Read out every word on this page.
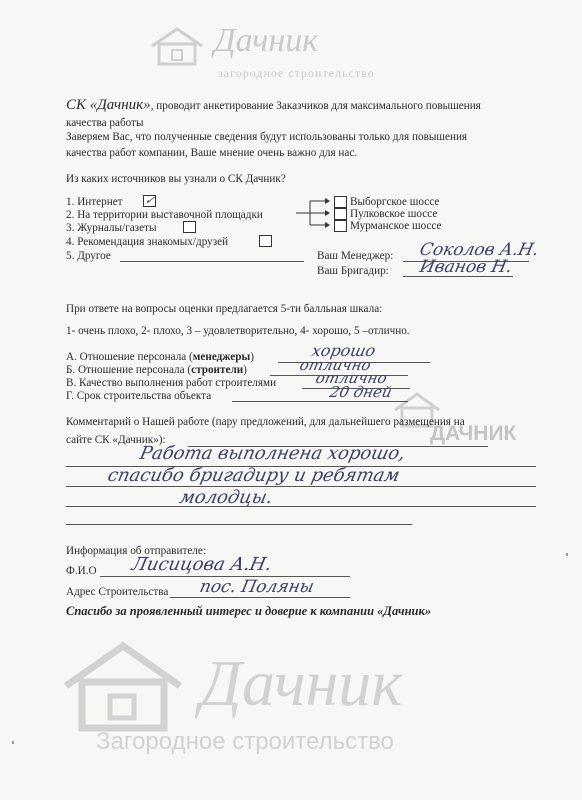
Дачник
загородное строительство
ДАЧНИК
Дачник
Загородное строительство
СК «Дачник», проводит анкетирование Заказчиков для максимального повышения
качества работы
Заверяем Вас, что полученные сведения будут использованы только для повышения
качества работ компании, Ваше мнение очень важно для нас.
Из каких источников вы узнали о СК Дачник?
1. Интернет ✓
2. На территории выставочной площадки
3. Журналы/газеты
4. Рекомендация знакомых/друзей
5. Другое
Выборгское шоссе
Пулковское шоссе
Мурманское шоссе
Ваш Менеджер: Соколов А.Н.
Ваш Бригадир: Иванов Н.
При ответе на вопросы оценки предлагается 5-ти балльная шкала:
1- очень плохо, 2- плохо, 3 – удовлетворительно, 4- хорошо, 5 –отлично.
А. Отношение персонала (менеджеры)	хорошо
Б. Отношение персонала (строители)	отлично
В. Качество выполнения работ строителями	отлично
Г. Срок строительства объекта	20 дней
Комментарий о Нашей работе (пару предложений, для дальнейшего размещения на
сайте СК «Дачник»):
Работа выполнена хорошо,
спасибо бригадиру и ребятам
молодцы.
Информация об отправителе:
Ф.И.О Лисицова А.Н.
Адрес Строительства пос. Поляны
Спасибо за проявленный интерес и доверие к компании «Дачник»
